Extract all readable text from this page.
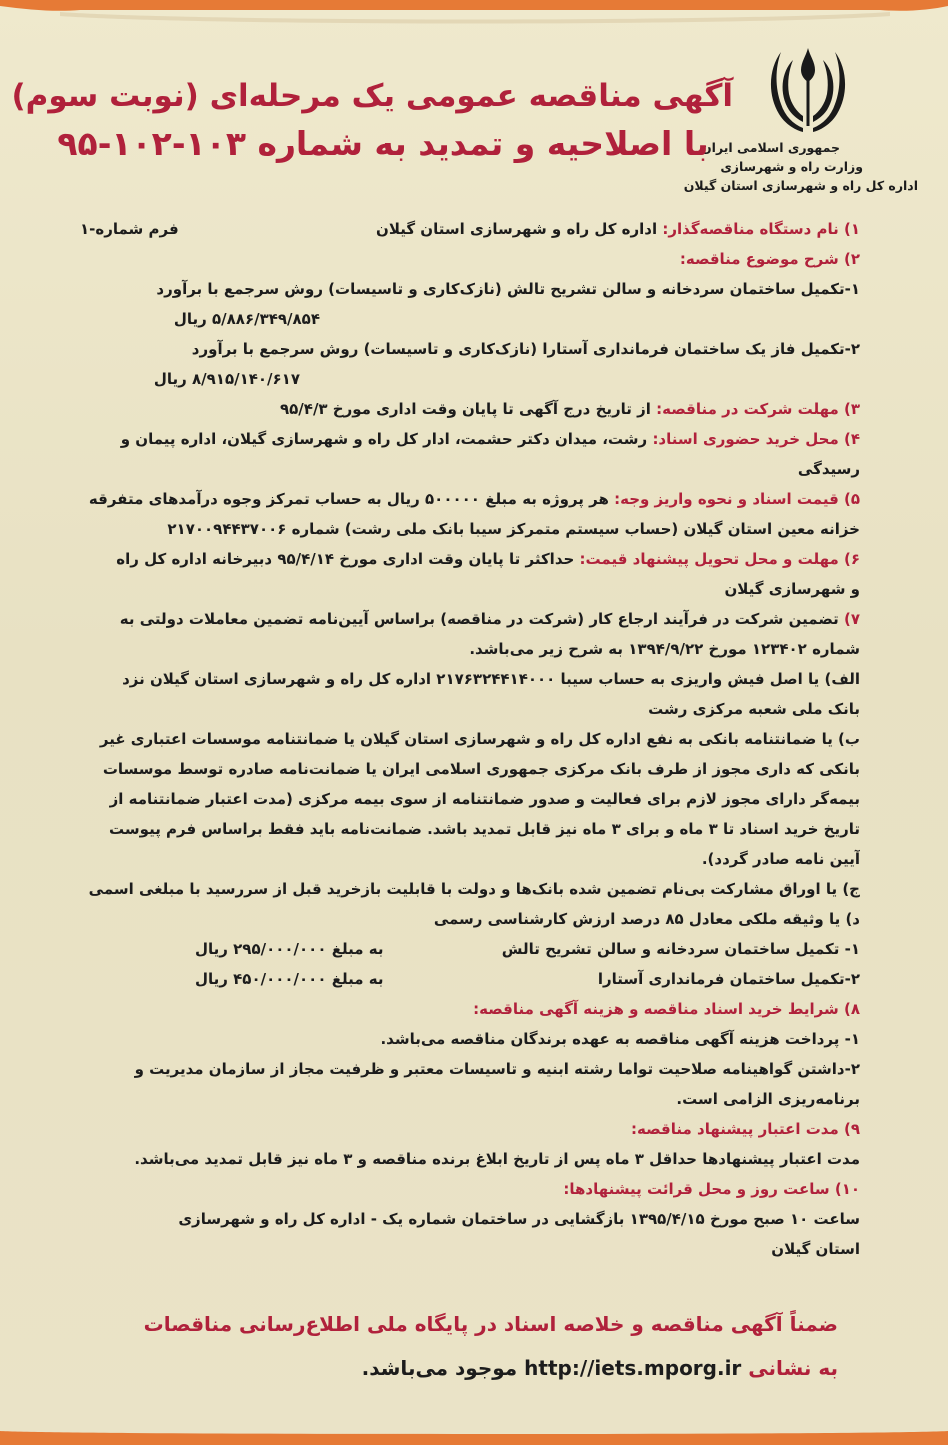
جمهوری اسلامی ایران
وزارت راه و شهرسازی
اداره کل راه و شهرسازی استان گیلان
آگهی مناقصه عمومی یک مرحله‌ای (نوبت سوم)
با اصلاحیه و تمدید به شماره ۱۰۳-۱۰۲-۹۵
فرم شماره-۱	۱) نام دستگاه مناقصه‌گذار: اداره کل راه و شهرسازی استان گیلان
۲) شرح موضوع مناقصه:
۱-تکمیل ساختمان سردخانه و سالن تشریح تالش (نازک‌کاری و تاسیسات) روش سرجمع با برآورد
۵/۸۸۶/۳۴۹/۸۵۴ ریال
۲-تکمیل فاز یک ساختمان فرمانداری آستارا (نازک‌کاری و تاسیسات) روش سرجمع با برآورد
۸/۹۱۵/۱۴۰/۶۱۷ ریال
۳) مهلت شرکت در مناقصه: از تاریخ درج آگهی تا پایان وقت اداری مورخ ۹۵/۴/۳
۴) محل خرید حضوری اسناد: رشت، میدان دکتر حشمت، ادار کل راه و شهرسازی گیلان، اداره پیمان و
رسیدگی
۵) قیمت اسناد و نحوه واریز وجه: هر پروژه به مبلغ ۵۰۰۰۰۰ ریال به حساب تمرکز وجوه درآمدهای متفرقه
خزانه معین استان گیلان (حساب سیستم متمرکز سیبا بانک ملی رشت) شماره ۲۱۷۰۰۹۴۴۳۷۰۰۶
۶) مهلت و محل تحویل پیشنهاد قیمت: حداکثر تا پایان وقت اداری مورخ ۹۵/۴/۱۴ دبیرخانه اداره کل راه
و شهرسازی گیلان
۷) تضمین شرکت در فرآیند ارجاع کار (شرکت در مناقصه) براساس آیین‌نامه تضمین معاملات دولتی به
شماره ۱۲۳۴۰۲ مورخ ۱۳۹۴/۹/۲۲ به شرح زیر می‌باشد.
الف) یا اصل فیش واریزی به حساب سیبا ۲۱۷۶۳۲۴۴۱۴۰۰۰ اداره کل راه و شهرسازی استان گیلان نزد
بانک ملی شعبه مرکزی رشت
ب) یا ضمانتنامه بانکی به نفع اداره کل راه و شهرسازی استان گیلان یا ضمانتنامه موسسات اعتباری غیر
بانکی که داری مجوز از طرف بانک مرکزی جمهوری اسلامی ایران یا ضمانت‌نامه صادره توسط موسسات
بیمه‌گر دارای مجوز لازم برای فعالیت و صدور ضمانتنامه از سوی بیمه مرکزی (مدت اعتبار ضمانتنامه از
تاریخ خرید اسناد تا ۳ ماه و برای ۳ ماه نیز قابل تمدید باشد. ضمانت‌نامه باید فقط براساس فرم پیوست
آیین نامه صادر گردد).
ج) یا اوراق مشارکت بی‌نام تضمین شده بانک‌ها و دولت با قابلیت بازخرید قبل از سررسید با مبلغی اسمی
د) یا وثیقه ملکی معادل ۸۵ درصد ارزش کارشناسی رسمی
۱- تکمیل ساختمان سردخانه و سالن تشریح تالش
به مبلغ ۲۹۵/۰۰۰/۰۰۰ ریال
۲-تکمیل ساختمان فرمانداری آستارا
به مبلغ ۴۵۰/۰۰۰/۰۰۰ ریال
۸) شرایط خرید اسناد مناقصه و هزینه آگهی مناقصه:
۱- پرداخت هزینه آگهی مناقصه به عهده برندگان مناقصه می‌باشد.
۲-داشتن گواهینامه صلاحیت تواما رشته ابنیه و تاسیسات معتبر و ظرفیت مجاز از سازمان مدیریت و
برنامه‌ریزی الزامی است.
۹) مدت اعتبار پیشنهاد مناقصه:
مدت اعتبار پیشنهادها حداقل ۳ ماه پس از تاریخ ابلاغ برنده مناقصه و ۳ ماه نیز قابل تمدید می‌باشد.
۱۰) ساعت روز و محل قرائت پیشنهادها:
ساعت ۱۰ صبح مورخ ۱۳۹۵/۴/۱۵ بازگشایی در ساختمان شماره یک - اداره کل راه و شهرسازی
استان گیلان
ضمناً آگهی مناقصه و خلاصه اسناد در پایگاه ملی اطلاع‌رسانی مناقصات
به نشانی http://iets.mporg.ir موجود می‌باشد.
